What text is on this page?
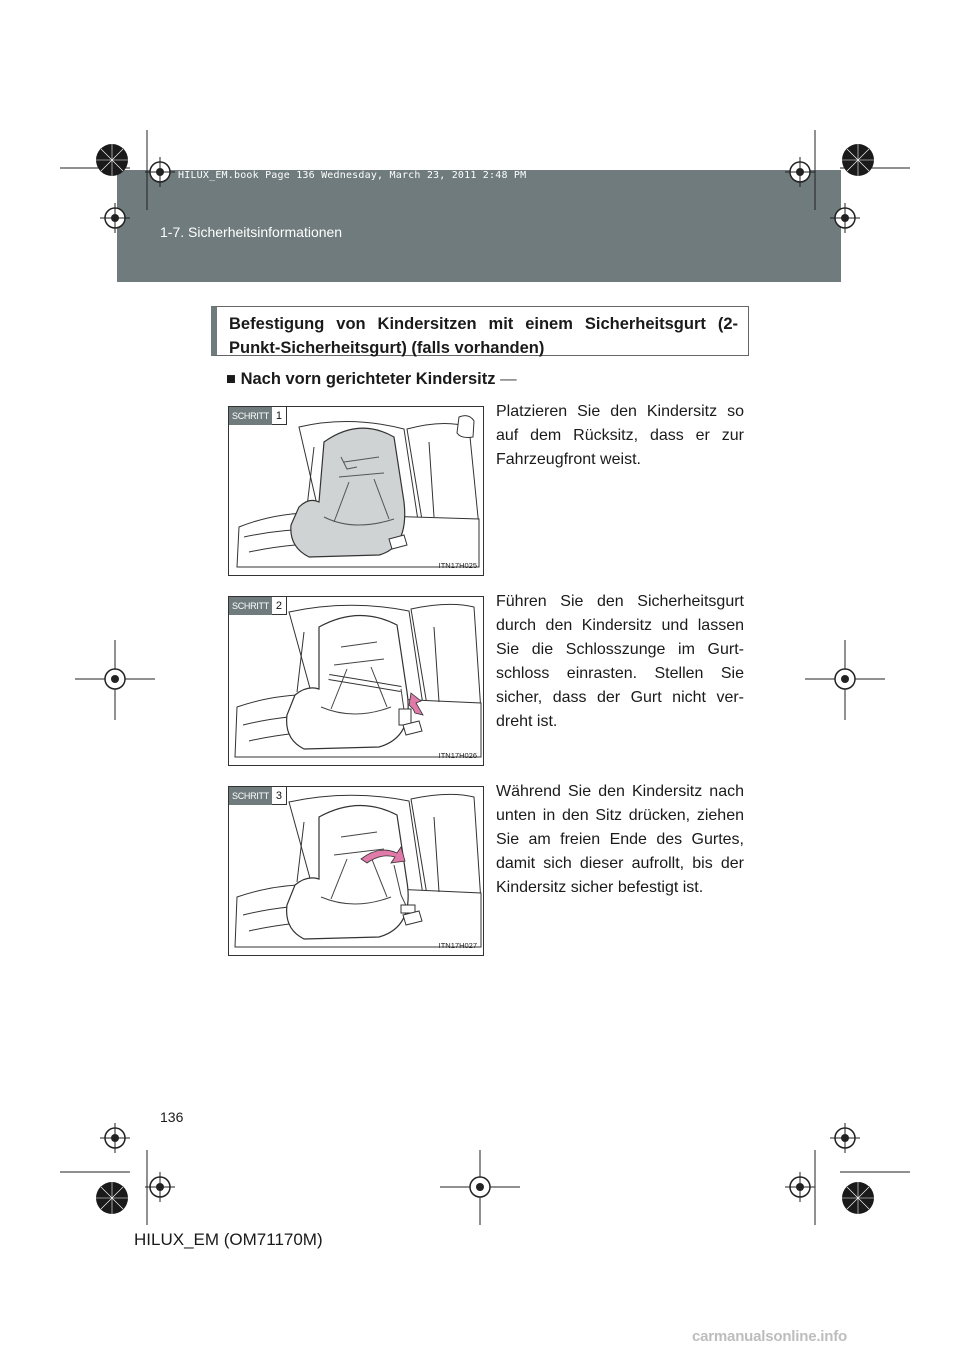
HILUX_EM.book Page 136 Wednesday, March 23, 2011 2:48 PM
1-7. Sicherheitsinformationen
Befestigung von Kindersitzen mit einem Sicherheitsgurt (2-Punkt-Sicherheitsgurt) (falls vorhanden)
■ Nach vorn gerichteter Kindersitz —
SCHRITT 1
ITN17H025
Platzieren Sie den Kindersitz so auf dem Rücksitz, dass er zur Fahrzeugfront weist.
SCHRITT 2
ITN17H026
Führen Sie den Sicherheitsgurt durch den Kindersitz und lassen Sie die Schlosszunge im Gurt-schloss einrasten. Stellen Sie sicher, dass der Gurt nicht ver-dreht ist.
SCHRITT 3
ITN17H027
Während Sie den Kindersitz nach unten in den Sitz drücken, ziehen Sie am freien Ende des Gurtes, damit sich dieser aufrollt, bis der Kindersitz sicher befestigt ist.
136
HILUX_EM (OM71170M)
carmanualsonline.info
